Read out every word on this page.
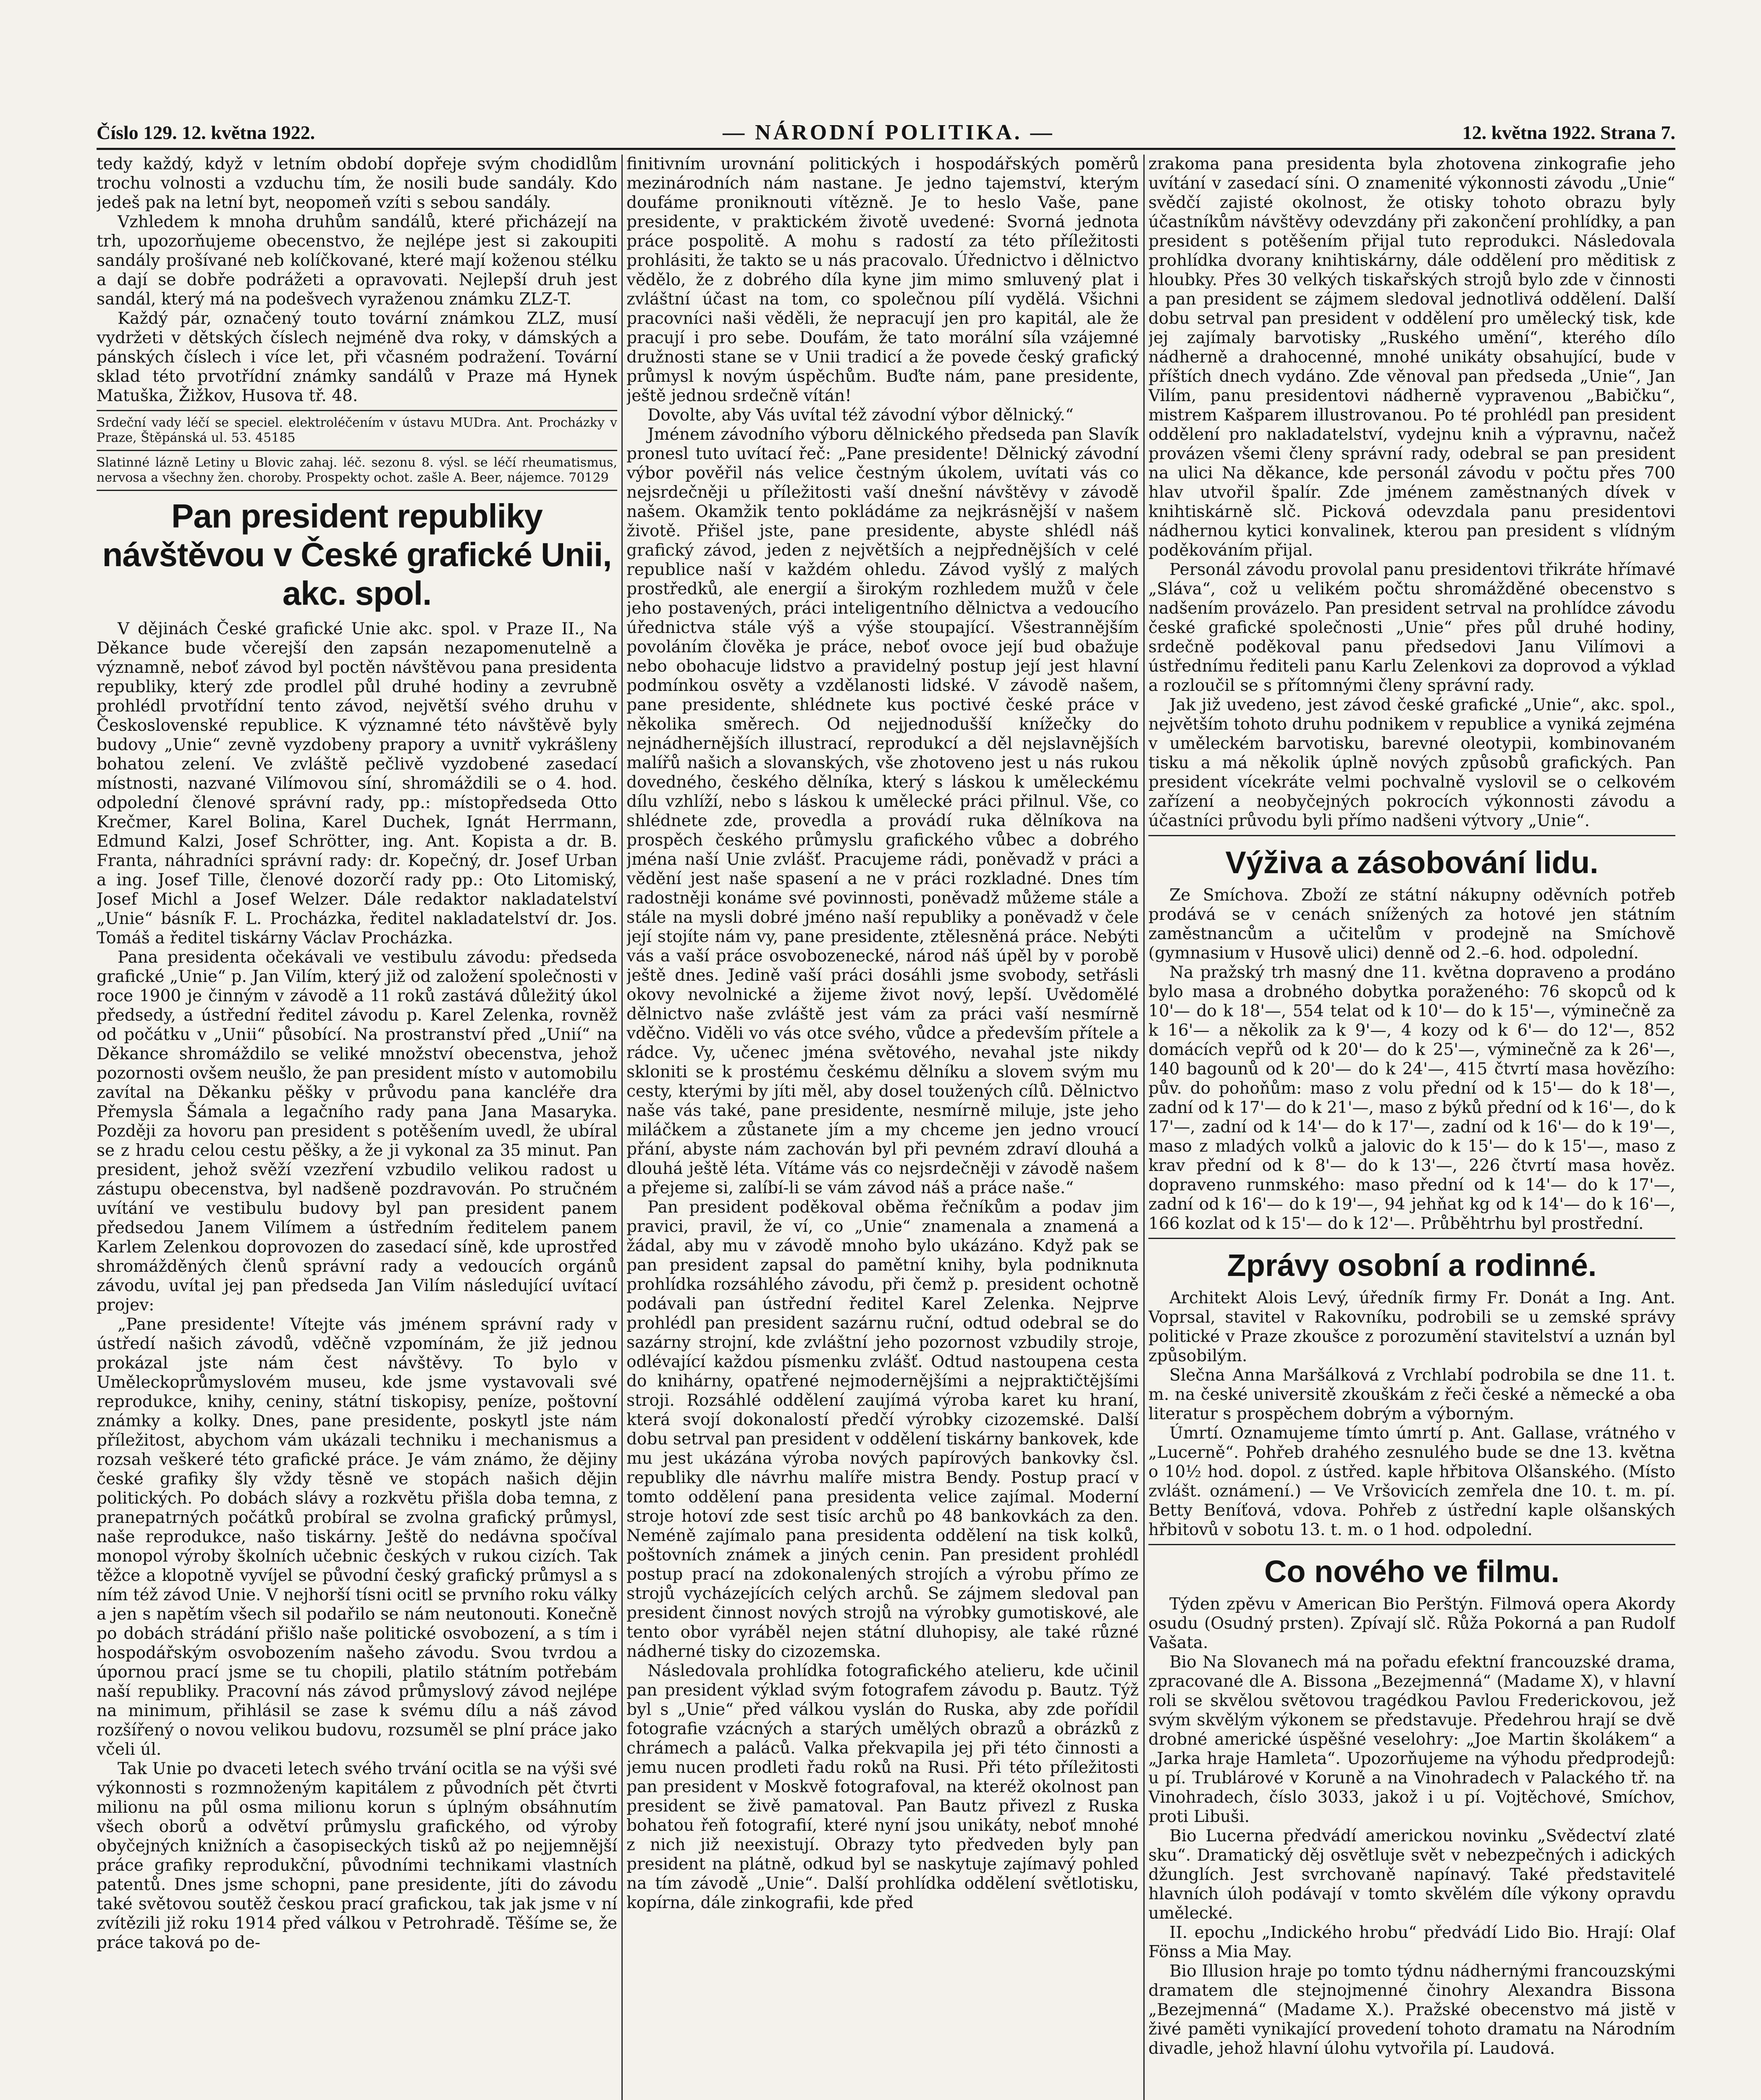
Číslo 129. 12. května 1922.	— NÁRODNÍ POLITIKA. —	12. května 1922. Strana 7.

tedy každý, když v letním období dopřeje svým chodidlům trochu volnosti a vzduchu tím, že nosili bude sandály. Kdo jedeš pak na letní byt, neopomeň vzíti s sebou sandály.

Vzhledem k mnoha druhům sandálů, které přicházejí na trh, upozorňujeme obecenstvo, že nejlépe jest si zakoupiti sandály prošívané neb kolíčkované, které mají koženou stélku a dají se dobře podrážeti a opravovati. Nejlepší druh jest sandál, který má na podešvech vyraženou známku ZLZ-T.

Každý pár, označený touto tovární známkou ZLZ, musí vydržeti v dětských číslech nejméně dva roky, v dámských a pánských číslech i více let, při včasném podražení. Tovární sklad této prvotřídní známky sandálů v Praze má Hynek Matuška, Žižkov, Husova tř. 48.

Srdeční vady léčí se speciel. elektroléčením v ústavu MUDra. Ant. Procházky v Praze, Štěpánská ul. 53. 45185

Slatinné lázně Letiny u Blovic zahaj. léč. sezonu 8. výsl. se léčí rheumatismus, nervosa a všechny žen. choroby. Prospekty ochot. zašle A. Beer, nájemce. 70129

Pan president republiky návštěvou v České grafické Unii, akc. spol.

V dějinách České grafické Unie akc. spol. v Praze II., Na Děkance bude včerejší den zapsán nezapomenutelně a významně, neboť závod byl poctěn návštěvou pana presidenta republiky, který zde prodlel půl druhé hodiny a zevrubně prohlédl prvotřídní tento závod, největší svého druhu v Československé republice. K významné této návštěvě byly budovy „Unie“ zevně vyzdobeny prapory a uvnitř vykrášleny bohatou zelení. Ve zvláště pečlivě vyzdobené zasedací místnosti, nazvané Vilímovou síní, shromáždili se o 4. hod. odpolední členové správní rady, pp.: místopředseda Otto Krečmer, Karel Bolina, Karel Duchek, Ignát Herrmann, Edmund Kalzi, Josef Schrötter, ing. Ant. Kopista a dr. B. Franta, náhradníci správní rady: dr. Kopečný, dr. Josef Urban a ing. Josef Tille, členové dozorčí rady pp.: Oto Litomiský, Josef Michl a Josef Welzer. Dále redaktor nakladatelství „Unie“ básník F. L. Procházka, ředitel nakladatelství dr. Jos. Tomáš a ředitel tiskárny Václav Procházka.

Pana presidenta očekávali ve vestibulu závodu: předseda grafické „Unie“ p. Jan Vilím, který již od založení společnosti v roce 1900 je činným v závodě a 11 roků zastává důležitý úkol předsedy, a ústřední ředitel závodu p. Karel Zelenka, rovněž od počátku v „Unii“ působící. Na prostranství před „Unií“ na Děkance shromáždilo se veliké množství obecenstva, jehož pozornosti ovšem neušlo, že pan president místo v automobilu zavítal na Děkanku pěšky v průvodu pana kancléře dra Přemysla Šámala a legačního rady pana Jana Masaryka. Později za hovoru pan president s potěšením uvedl, že ubíral se z hradu celou cestu pěšky, a že ji vykonal za 35 minut. Pan president, jehož svěží vzezření vzbudilo velikou radost u zástupu obecenstva, byl nadšeně pozdravován. Po stručném uvítání ve vestibulu budovy byl pan president panem předsedou Janem Vilímem a ústředním ředitelem panem Karlem Zelenkou doprovozen do zasedací síně, kde uprostřed shromážděných členů správní rady a vedoucích orgánů závodu, uvítal jej pan předseda Jan Vilím následující uvítací projev:

„Pane presidente! Vítejte vás jménem správní rady v ústředí našich závodů, vděčně vzpomínám, že již jednou prokázal jste nám čest návštěvy. To bylo v Uměleckoprůmyslovém museu, kde jsme vystavovali své reprodukce, knihy, ceniny, státní tiskopisy, peníze, poštovní známky a kolky. Dnes, pane presidente, poskytl jste nám příležitost, abychom vám ukázali techniku i mechanismus a rozsah veškeré této grafické práce. Je vám známo, že dějiny české grafiky šly vždy těsně ve stopách našich dějin politických. Po dobách slávy a rozkvětu přišla doba temna, z pranepatrných počátků probíral se zvolna grafický průmysl, naše reprodukce, našo tiskárny. Ještě do nedávna spočíval monopol výroby školních učebnic českých v rukou cizích. Tak těžce a klopotně vyvíjel se původní český grafický průmysl a s ním též závod Unie. V nejhorší tísni ocitl se prvního roku války a jen s napětím všech sil podařilo se nám neutonouti. Konečně po dobách strádání přišlo naše politické osvobození, a s tím i hospodářským osvobozením našeho závodu. Svou tvrdou a úpornou prací jsme se tu chopili, platilo státním potřebám naší republiky. Pracovní nás závod průmyslový závod nejlépe na minimum, přihlásil se zase k svému dílu a náš závod rozšířený o novou velikou budovu, rozsuměl se plní práce jako včeli úl.

Tak Unie po dvaceti letech svého trvání ocitla se na výši své výkonnosti s rozmnoženým kapitálem z původních pět čtvrti milionu na půl osma milionu korun s úplným obsáhnutím všech oborů a odvětví průmyslu grafického, od výroby obyčejných knižních a časopiseckých tisků až po nejjemnější práce grafiky reprodukční, původními technikami vlastních patentů. Dnes jsme schopni, pane presidente, jíti do závodu také světovou soutěž českou prací grafickou, tak jak jsme v ní zvítězili již roku 1914 před válkou v Petrohradě. Těšíme se, že práce taková po de-

finitivním urovnání politických i hospodářských poměrů mezinárodních nám nastane. Je jedno tajemství, kterým doufáme proniknouti vítězně. Je to heslo Vaše, pane presidente, v praktickém životě uvedené: Svorná jednota práce pospolitě. A mohu s radostí za této příležitosti prohlásiti, že takto se u nás pracovalo. Úřednictvo i dělnictvo vědělo, že z dobrého díla kyne jim mimo smluvený plat i zvláštní účast na tom, co společnou pílí vydělá. Všichni pracovníci naši věděli, že nepracují jen pro kapitál, ale že pracují i pro sebe. Doufám, že tato morální síla vzájemné družnosti stane se v Unii tradicí a že povede český grafický průmysl k novým úspěchům. Buďte nám, pane presidente, ještě jednou srdečně vítán!

Dovolte, aby Vás uvítal též závodní výbor dělnický.“

Jménem závodního výboru dělnického předseda pan Slavík pronesl tuto uvítací řeč: „Pane presidente! Dělnický závodní výbor pověřil nás velice čestným úkolem, uvítati vás co nejsrdečněji u příležitosti vaší dnešní návštěvy v závodě našem. Okamžik tento pokládáme za nejkrásnější v našem životě. Přišel jste, pane presidente, abyste shlédl náš grafický závod, jeden z největších a nejpřednějších v celé republice naší v každém ohledu. Závod vyšlý z malých prostředků, ale energií a širokým rozhledem mužů v čele jeho postavených, práci inteligentního dělnictva a vedoucího úřednictva stále výš a výše stoupající. Všestrannějším povoláním člověka je práce, neboť ovoce její bud obažuje nebo obohacuje lidstvo a pravidelný postup její jest hlavní podmínkou osvěty a vzdělanosti lidské. V závodě našem, pane presidente, shlédnete kus poctivé české práce v několika směrech. Od nejjednodušší knížečky do nejnádhernějších illustrací, reprodukcí a děl nejslavnějších malířů našich a slovanských, vše zhotoveno jest u nás rukou dovedného, českého dělníka, který s láskou k uměleckému dílu vzhlíží, nebo s láskou k umělecké práci přilnul. Vše, co shlédnete zde, provedla a provádí ruka dělníkova na prospěch českého průmyslu grafického vůbec a dobrého jména naší Unie zvlášť. Pracujeme rádi, poněvadž v práci a vědění jest naše spasení a ne v práci rozkladné. Dnes tím radostněji konáme své povinnosti, poněvadž můžeme stále a stále na mysli dobré jméno naší republiky a poněvadž v čele její stojíte nám vy, pane presidente, ztělesněná práce. Nebýti vás a vaší práce osvobozenecké, národ náš úpěl by v porobě ještě dnes. Jedině vaší práci dosáhli jsme svobody, setřásli okovy nevolnické a žijeme život nový, lepší. Uvědomělé dělnictvo naše zvláště jest vám za práci vaší nesmírně vděčno. Viděli vo vás otce svého, vůdce a především přítele a rádce. Vy, učenec jména světového, nevahal jste nikdy skloniti se k prostému českému dělníku a slovem svým mu cesty, kterými by jíti měl, aby dosel toužených cílů. Dělnictvo naše vás také, pane presidente, nesmírně miluje, jste jeho miláčkem a zůstanete jím a my chceme jen jedno vroucí přání, abyste nám zachován byl při pevném zdraví dlouhá a dlouhá ještě léta. Vítáme vás co nejsrdečněji v závodě našem a přejeme si, zalíbí-li se vám závod náš a práce naše.“

Pan president poděkoval oběma řečníkům a podav jim pravici, pravil, že ví, co „Unie“ znamenala a znamená a žádal, aby mu v závodě mnoho bylo ukázáno. Když pak se pan president zapsal do pamětní knihy, byla podniknuta prohlídka rozsáhlého závodu, při čemž p. president ochotně podávali pan ústřední ředitel Karel Zelenka. Nejprve prohlédl pan president sazárnu ruční, odtud odebral se do sazárny strojní, kde zvláštní jeho pozornost vzbudily stroje, odlévající každou písmenku zvlášť. Odtud nastoupena cesta do knihárny, opatřené nejmodernějšími a nejpraktičtějšími stroji. Rozsáhlé oddělení zaujímá výroba karet ku hraní, která svojí dokonalostí předčí výrobky cizozemské. Další dobu setrval pan president v oddělení tiskárny bankovek, kde mu jest ukázána výroba nových papírových bankovky čsl. republiky dle návrhu malíře mistra Bendy. Postup prací v tomto oddělení pana presidenta velice zajímal. Moderní stroje hotoví zde sest tisíc archů po 48 bankovkách za den. Neméně zajímalo pana presidenta oddělení na tisk kolků, poštovních známek a jiných cenin. Pan president prohlédl postup prací na zdokonalených strojích a výrobu přímo ze strojů vycházejících celých archů. Se zájmem sledoval pan president činnost nových strojů na výrobky gumotiskové, ale tento obor vyráběl nejen státní dluhopisy, ale také různé nádherné tisky do cizozemska.

Následovala prohlídka fotografického atelieru, kde učinil pan president výklad svým fotografem závodu p. Bautz. Týž byl s „Unie“ před válkou vyslán do Ruska, aby zde pořídil fotografie vzácných a starých umělých obrazů a obrázků z chrámech a paláců. Valka překvapila jej při této činnosti a jemu nucen prodleti řadu roků na Rusi. Při této příležitosti pan president v Moskvě fotografoval, na kteréž okolnost pan president se živě pamatoval. Pan Bautz přivezl z Ruska bohatou řeň fotografií, které nyní jsou unikáty, neboť mnohé z nich již neexistují. Obrazy tyto předveden byly pan president na plátně, odkud byl se naskytuje zajímavý pohled na tím závodě „Unie“. Další prohlídka oddělení světlotisku, kopírna, dále zinkografii, kde před

zrakoma pana presidenta byla zhotovena zinkografie jeho uvítání v zasedací síni. O znamenité výkonnosti závodu „Unie“ svědčí zajisté okolnost, že otisky tohoto obrazu byly účastníkům návštěvy odevzdány při zakončení prohlídky, a pan president s potěšením přijal tuto reprodukci. Následovala prohlídka dvorany knihtiskárny, dále oddělení pro měditisk z hloubky. Přes 30 velkých tiskařských strojů bylo zde v činnosti a pan president se zájmem sledoval jednotlivá oddělení. Další dobu setrval pan president v oddělení pro umělecký tisk, kde jej zajímaly barvotisky „Ruského umění“, kterého dílo nádherně a drahocenné, mnohé unikáty obsahující, bude v příštích dnech vydáno. Zde věnoval pan předseda „Unie“, Jan Vilím, panu presidentovi nádherně vypravenou „Babičku“, mistrem Kašparem illustrovanou. Po té prohlédl pan president oddělení pro nakladatelství, vydejnu knih a výpravnu, načež provázen všemi členy správní rady, odebral se pan president na ulici Na děkance, kde personál závodu v počtu přes 700 hlav utvořil špalír. Zde jménem zaměstnaných dívek v knihtiskárně slč. Picková odevzdala panu presidentovi nádhernou kytici konvalinek, kterou pan president s vlídným poděkováním přijal.

Personál závodu provolal panu presidentovi třikráte hřímavé „Sláva“, což u velikém počtu shromážděné obecenstvo s nadšením provázelo. Pan president setrval na prohlídce závodu české grafické společnosti „Unie“ přes půl druhé hodiny, srdečně poděkoval panu předsedovi Janu Vilímovi a ústřednímu řediteli panu Karlu Zelenkovi za doprovod a výklad a rozloučil se s přítomnými členy správní rady.

Jak již uvedeno, jest závod české grafické „Unie“, akc. spol., největším tohoto druhu podnikem v republice a vyniká zejména v uměleckém barvotisku, barevné oleotypii, kombinovaném tisku a má několik úplně nových způsobů grafických. Pan president vícekráte velmi pochvalně vyslovil se o celkovém zařízení a neobyčejných pokrocích výkonnosti závodu a účastníci průvodu byli přímo nadšeni výtvory „Unie“.

Výživa a zásobování lidu.

Ze Smíchova. Zboží ze státní nákupny oděvních potřeb prodává se v cenách snížených za hotové jen státním zaměstnancům a učitelům v prodejně na Smíchově (gymnasium v Husově ulici) denně od 2.–6. hod. odpolední.

Na pražský trh masný dne 11. května dopraveno a prodáno bylo masa a drobného dobytka poraženého: 76 skopců od k 10'— do k 18'—, 554 telat od k 10'— do k 15'—, výminečně za k 16'— a několik za k 9'—, 4 kozy od k 6'— do 12'—, 852 domácích vepřů od k 20'— do k 25'—, výminečně za k 26'—, 140 bagounů od k 20'— do k 24'—, 415 čtvrtí masa hovězího: pův. do pohoňům: maso z volu přední od k 15'— do k 18'—, zadní od k 17'— do k 21'—, maso z býků přední od k 16'—, do k 17'—, zadní od k 14'— do k 17'—, zadní od k 16'— do k 19'—, maso z mladých volků a jalovic do k 15'— do k 15'—, maso z krav přední od k 8'— do k 13'—, 226 čtvrtí masa hověz. dopraveno runmského: maso přední od k 14'— do k 17'—, zadní od k 16'— do k 19'—, 94 jehňat kg od k 14'— do k 16'—, 166 kozlat od k 15'— do k 12'—. Průběhtrhu byl prostřední.

Zprávy osobní a rodinné.

Architekt Alois Levý, úředník firmy Fr. Donát a Ing. Ant. Voprsal, stavitel v Rakovníku, podrobili se u zemské správy politické v Praze zkoušce z porozumění stavitelství a uznán byl způsobilým.

Slečna Anna Maršálková z Vrchlabí podrobila se dne 11. t. m. na české universitě zkouškám z řeči české a německé a oba literatur s prospěchem dobrým a výborným.

Úmrtí. Oznamujeme tímto úmrtí p. Ant. Gallase, vrátného v „Lucerně“. Pohřeb drahého zesnulého bude se dne 13. května o 10½ hod. dopol. z ústřed. kaple hřbitova Olšanského. (Místo zvlášt. oznámení.) — Ve Vršovicích zemřela dne 10. t. m. pí. Betty Beníťová, vdova. Pohřeb z ústřední kaple olšanských hřbitovů v sobotu 13. t. m. o 1 hod. odpolední.

Co nového ve filmu.

Týden zpěvu v American Bio Perštýn. Filmová opera Akordy osudu (Osudný prsten). Zpívají slč. Růža Pokorná a pan Rudolf Vašata.

Bio Na Slovanech má na pořadu efektní francouzské drama, zpracované dle A. Bissona „Bezejmenná“ (Madame X), v hlavní roli se skvělou světovou tragédkou Pavlou Frederickovou, jež svým skvělým výkonem se představuje. Předehrou hrají se dvě drobné americké úspěšné veselohry: „Joe Martin školákem“ a „Jarka hraje Hamleta“. Upozorňujeme na výhodu předprodejů: u pí. Trublárové v Koruně a na Vinohradech v Palackého tř. na Vinohradech, číslo 3033, jakož i u pí. Vojtěchové, Smíchov, proti Libuši.

Bio Lucerna předvádí americkou novinku „Svědectví zlaté sku“. Dramatický děj osvětluje svět v nebezpečných i adických džunglích. Jest svrchovaně napínavý. Také představitelé hlavních úloh podávají v tomto skvělém díle výkony opravdu umělecké.

II. epochu „Indického hrobu“ předvádí Lido Bio. Hrají: Olaf Fönss a Mia May.

Bio Illusion hraje po tomto týdnu nádhernými francouzskými dramatem dle stejnojmenné činohry Alexandra Bissona „Bezejmenná“ (Madame X.). Pražské obecenstvo má jistě v živé paměti vynikající provedení tohoto dramatu na Národním divadle, jehož hlavní úlohu vytvořila pí. Laudová.
